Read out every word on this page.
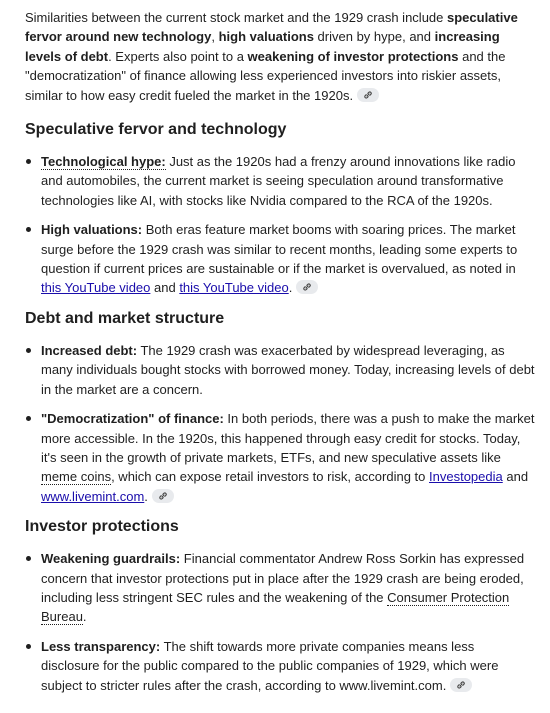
Similarities between the current stock market and the 1929 crash include speculative fervor around new technology, high valuations driven by hype, and increasing levels of debt. Experts also point to a weakening of investor protections and the "democratization" of finance allowing less experienced investors into riskier assets, similar to how easy credit fueled the market in the 1920s.

Speculative fervor and technology
Technological hype: Just as the 1920s had a frenzy around innovations like radio and automobiles, the current market is seeing speculation around transformative technologies like AI, with stocks like Nvidia compared to the RCA of the 1920s.
High valuations: Both eras feature market booms with soaring prices. The market surge before the 1929 crash was similar to recent months, leading some experts to question if current prices are sustainable or if the market is overvalued, as noted in this YouTube video and this YouTube video.
Debt and market structure
Increased debt: The 1929 crash was exacerbated by widespread leveraging, as many individuals bought stocks with borrowed money. Today, increasing levels of debt in the market are a concern.
"Democratization" of finance: In both periods, there was a push to make the market more accessible. In the 1920s, this happened through easy credit for stocks. Today, it's seen in the growth of private markets, ETFs, and new speculative assets like meme coins, which can expose retail investors to risk, according to Investopedia and www.livemint.com.
Investor protections
Weakening guardrails: Financial commentator Andrew Ross Sorkin has expressed concern that investor protections put in place after the 1929 crash are being eroded, including less stringent SEC rules and the weakening of the Consumer Protection Bureau.
Less transparency: The shift towards more private companies means less disclosure for the public compared to the public companies of 1929, which were subject to stricter rules after the crash, according to www.livemint.com.
